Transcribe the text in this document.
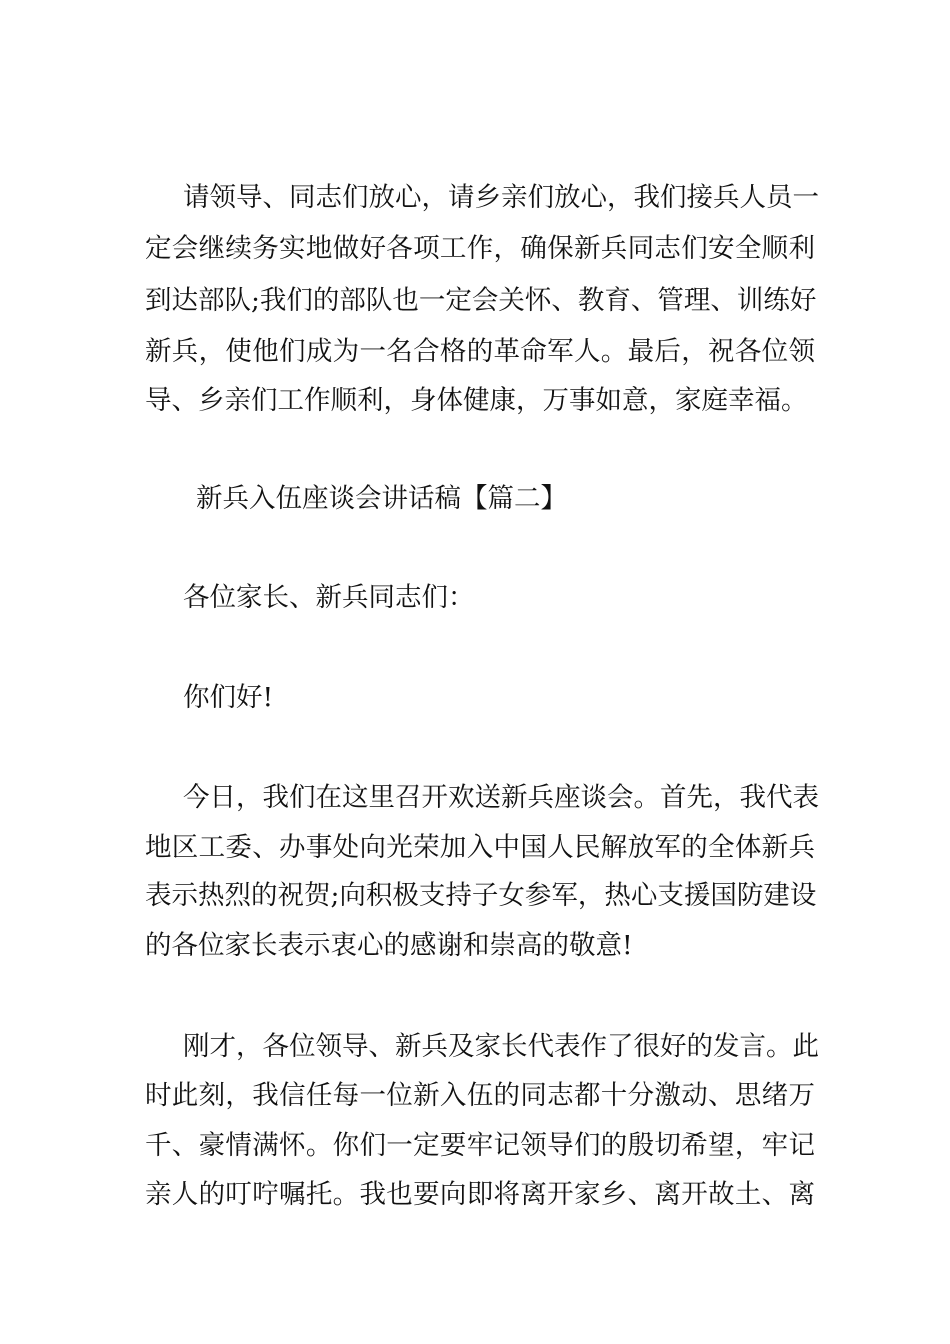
请领导、同志们放心，请乡亲们放心，我们接兵人员一
定会继续务实地做好各项工作，确保新兵同志们安全顺利
到达部队;我们的部队也一定会关怀、教育、管理、训练好
新兵，使他们成为一名合格的革命军人。最后，祝各位领
导、乡亲们工作顺利，身体健康，万事如意，家庭幸福。
新兵入伍座谈会讲话稿【篇二】
各位家长、新兵同志们：
你们好!
今日，我们在这里召开欢送新兵座谈会。首先，我代表
地区工委、办事处向光荣加入中国人民解放军的全体新兵
表示热烈的祝贺;向积极支持子女参军，热心支援国防建设
的各位家长表示衷心的感谢和崇高的敬意!
刚才，各位领导、新兵及家长代表作了很好的发言。此
时此刻，我信任每一位新入伍的同志都十分激动、思绪万
千、豪情满怀。你们一定要牢记领导们的殷切希望，牢记
亲人的叮咛嘱托。我也要向即将离开家乡、离开故土、离
